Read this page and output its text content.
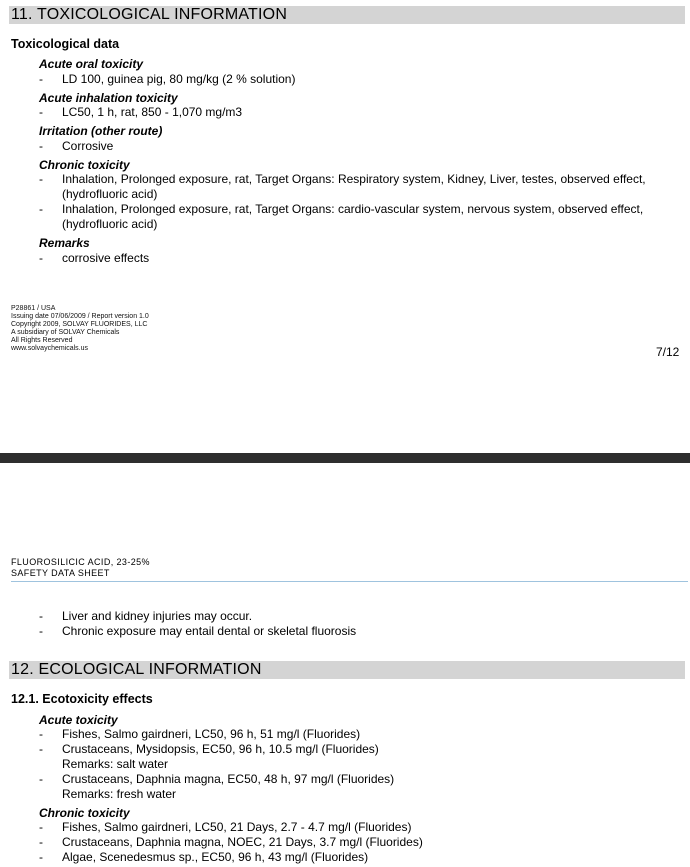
11. TOXICOLOGICAL INFORMATION
Toxicological data
Acute oral toxicity
-	LD 100, guinea pig, 80 mg/kg (2 % solution)
Acute inhalation toxicity
-	LC50, 1 h, rat, 850 - 1,070 mg/m3
Irritation (other route)
-	Corrosive
Chronic toxicity
-	Inhalation, Prolonged exposure, rat, Target Organs: Respiratory system, Kidney, Liver, testes, observed effect, (hydrofluoric acid)
-	Inhalation, Prolonged exposure, rat, Target Organs: cardio-vascular system, nervous system, observed effect, (hydrofluoric acid)
Remarks
-	corrosive effects
P28861 / USA
Issuing date 07/06/2009 / Report version 1.0
Copyright 2009, SOLVAY FLUORIDES, LLC
A subsidiary of SOLVAY Chemicals
All Rights Reserved
www.solvaychemicals.us	7/12
FLUOROSILICIC ACID, 23-25%
SAFETY DATA SHEET
-	Liver and kidney injuries may occur.
-	Chronic exposure may entail dental or skeletal fluorosis
12. ECOLOGICAL INFORMATION
12.1. Ecotoxicity effects
Acute toxicity
-	Fishes, Salmo gairdneri, LC50, 96 h, 51 mg/l (Fluorides)
-	Crustaceans, Mysidopsis, EC50, 96 h, 10.5 mg/l (Fluorides)
Remarks: salt water
-	Crustaceans, Daphnia magna, EC50, 48 h, 97 mg/l (Fluorides)
Remarks: fresh water
Chronic toxicity
-	Fishes, Salmo gairdneri, LC50, 21 Days, 2.7 - 4.7 mg/l (Fluorides)
-	Crustaceans, Daphnia magna, NOEC, 21 Days, 3.7 mg/l (Fluorides)
-	Algae, Scenedesmus sp., EC50, 96 h, 43 mg/l (Fluorides)
